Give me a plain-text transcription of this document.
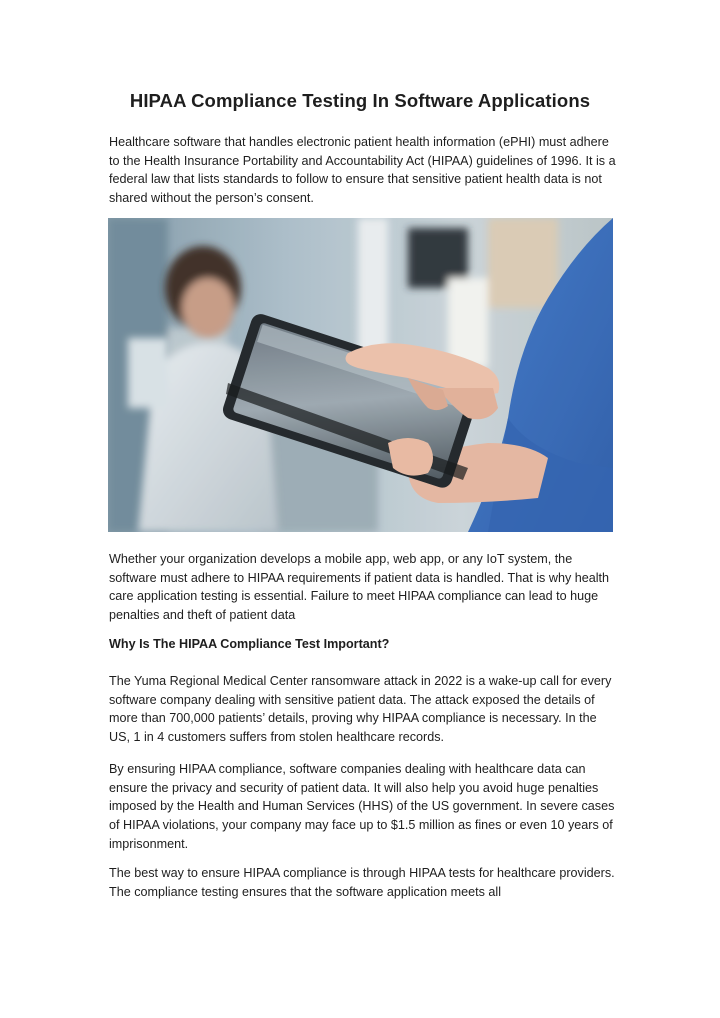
HIPAA Compliance Testing In Software Applications

Healthcare software that handles electronic patient health information (ePHI) must adhere to the Health Insurance Portability and Accountability Act (HIPAA) guidelines of 1996. It is a federal law that lists standards to follow to ensure that sensitive patient health data is not shared without the person’s consent.

Whether your organization develops a mobile app, web app, or any IoT system, the software must adhere to HIPAA requirements if patient data is handled. That is why health care application testing is essential. Failure to meet HIPAA compliance can lead to huge penalties and theft of patient data

Why Is The HIPAA Compliance Test Important?

The Yuma Regional Medical Center ransomware attack in 2022 is a wake-up call for every software company dealing with sensitive patient data. The attack exposed the details of more than 700,000 patients’ details, proving why HIPAA compliance is necessary. In the US, 1 in 4 customers suffers from stolen healthcare records.

By ensuring HIPAA compliance, software companies dealing with healthcare data can ensure the privacy and security of patient data. It will also help you avoid huge penalties imposed by the Health and Human Services (HHS) of the US government. In severe cases of HIPAA violations, your company may face up to $1.5 million as fines or even 10 years of imprisonment.

The best way to ensure HIPAA compliance is through HIPAA tests for healthcare providers. The compliance testing ensures that the software application meets all
